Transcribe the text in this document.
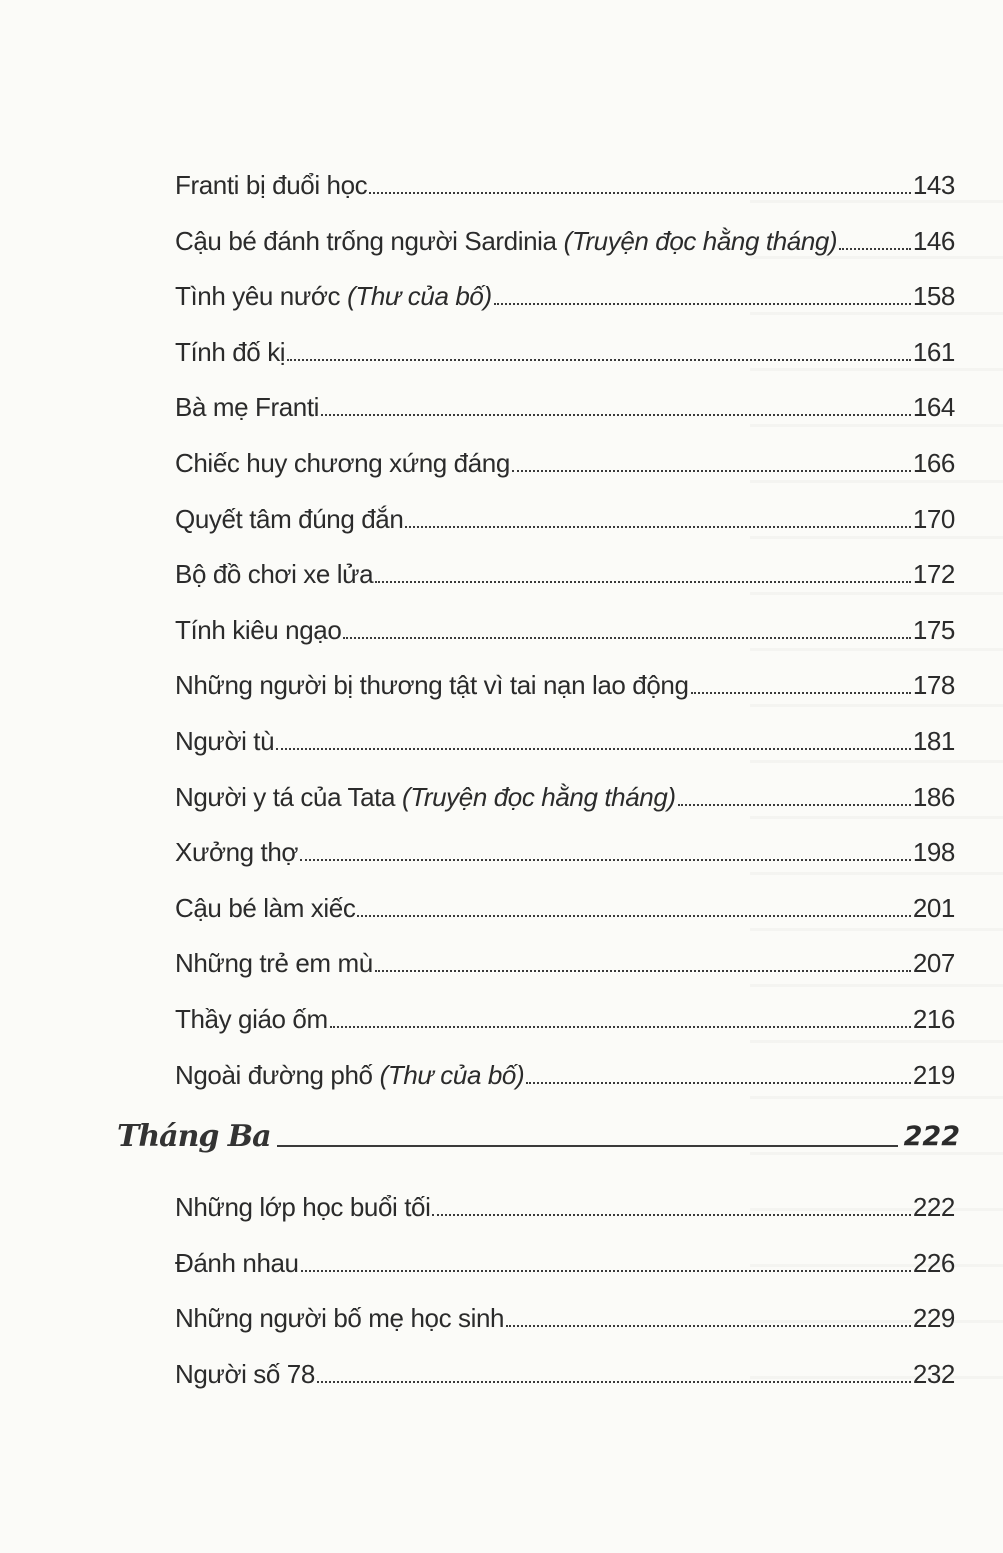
Franti bị đuổi học	143
Cậu bé đánh trống người Sardinia (Truyện đọc hằng tháng)	146
Tình yêu nước (Thư của bố)	158
Tính đố kị	161
Bà mẹ Franti	164
Chiếc huy chương xứng đáng	166
Quyết tâm đúng đắn	170
Bộ đồ chơi xe lửa	172
Tính kiêu ngạo	175
Những người bị thương tật vì tai nạn lao động	178
Người tù	181
Người y tá của Tata (Truyện đọc hằng tháng)	186
Xưởng thợ	198
Cậu bé làm xiếc	201
Những trẻ em mù	207
Thầy giáo ốm	216
Ngoài đường phố (Thư của bố)	219
Tháng Ba	222
Những lớp học buổi tối	222
Đánh nhau	226
Những người bố mẹ học sinh	229
Người số 78	232
